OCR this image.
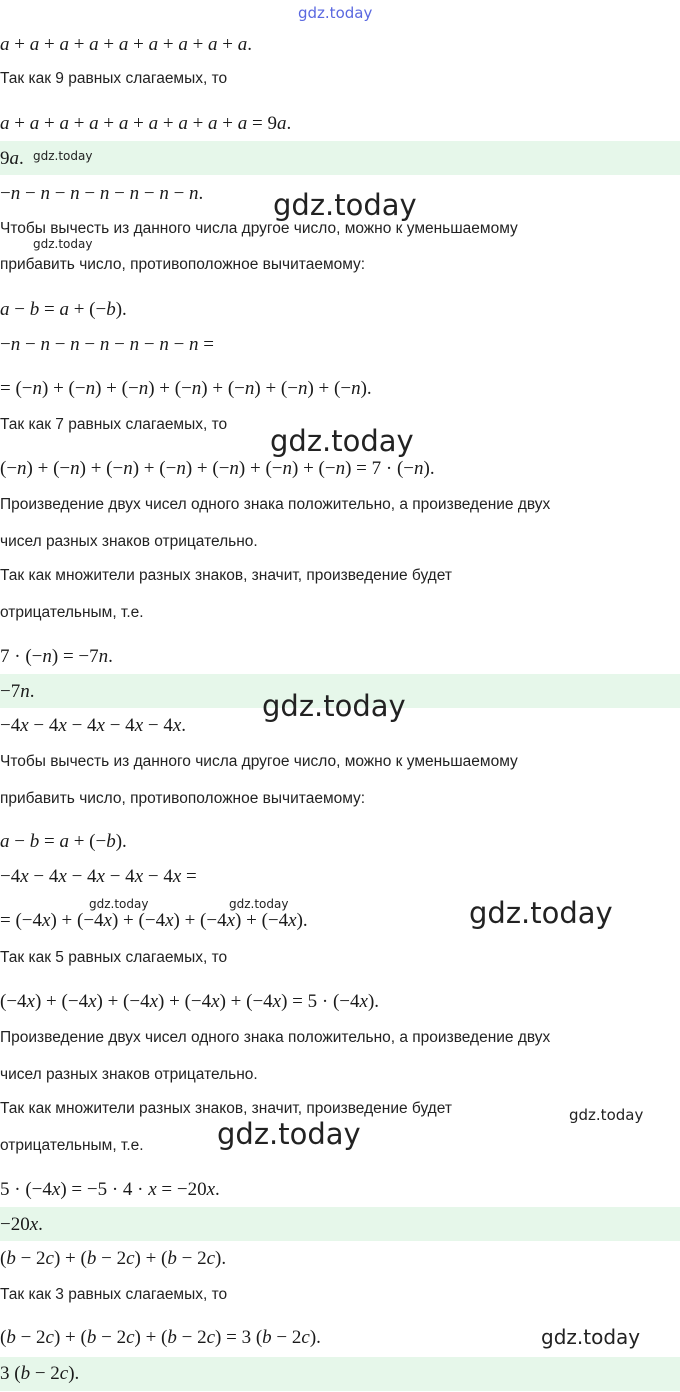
gdz.today
a + a + a + a + a + a + a + a + a.
Так как 9 равных слагаемых, то
a + a + a + a + a + a + a + a + a = 9a.
9a.
−n − n − n − n − n − n − n.
Чтобы вычесть из данного числа другое число, можно к уменьшаемому
прибавить число, противоположное вычитаемому:
a − b = a + (−b).
−n − n − n − n − n − n − n =
= (−n) + (−n) + (−n) + (−n) + (−n) + (−n) + (−n).
Так как 7 равных слагаемых, то
(−n) + (−n) + (−n) + (−n) + (−n) + (−n) + (−n) = 7 · (−n).
Произведение двух чисел одного знака положительно, а произведение двух
чисел разных знаков отрицательно.
Так как множители разных знаков, значит, произведение будет
отрицательным, т.е.
7 · (−n) = −7n.
−7n.
−4x − 4x − 4x − 4x − 4x.
Чтобы вычесть из данного числа другое число, можно к уменьшаемому
прибавить число, противоположное вычитаемому:
a − b = a + (−b).
−4x − 4x − 4x − 4x − 4x =
= (−4x) + (−4x) + (−4x) + (−4x) + (−4x).
Так как 5 равных слагаемых, то
(−4x) + (−4x) + (−4x) + (−4x) + (−4x) = 5 · (−4x).
Произведение двух чисел одного знака положительно, а произведение двух
чисел разных знаков отрицательно.
Так как множители разных знаков, значит, произведение будет
отрицательным, т.е.
5 · (−4x) = −5 · 4 · x = −20x.
−20x.
(b − 2c) + (b − 2c) + (b − 2c).
Так как 3 равных слагаемых, то
(b − 2c) + (b − 2c) + (b − 2c) = 3 (b − 2c).
3 (b − 2c).
gdz.today
gdz.today
gdz.today
gdz.today
gdz.today
gdz.today	gdz.today	gdz.today
gdz.today
gdz.today
gdz.today
